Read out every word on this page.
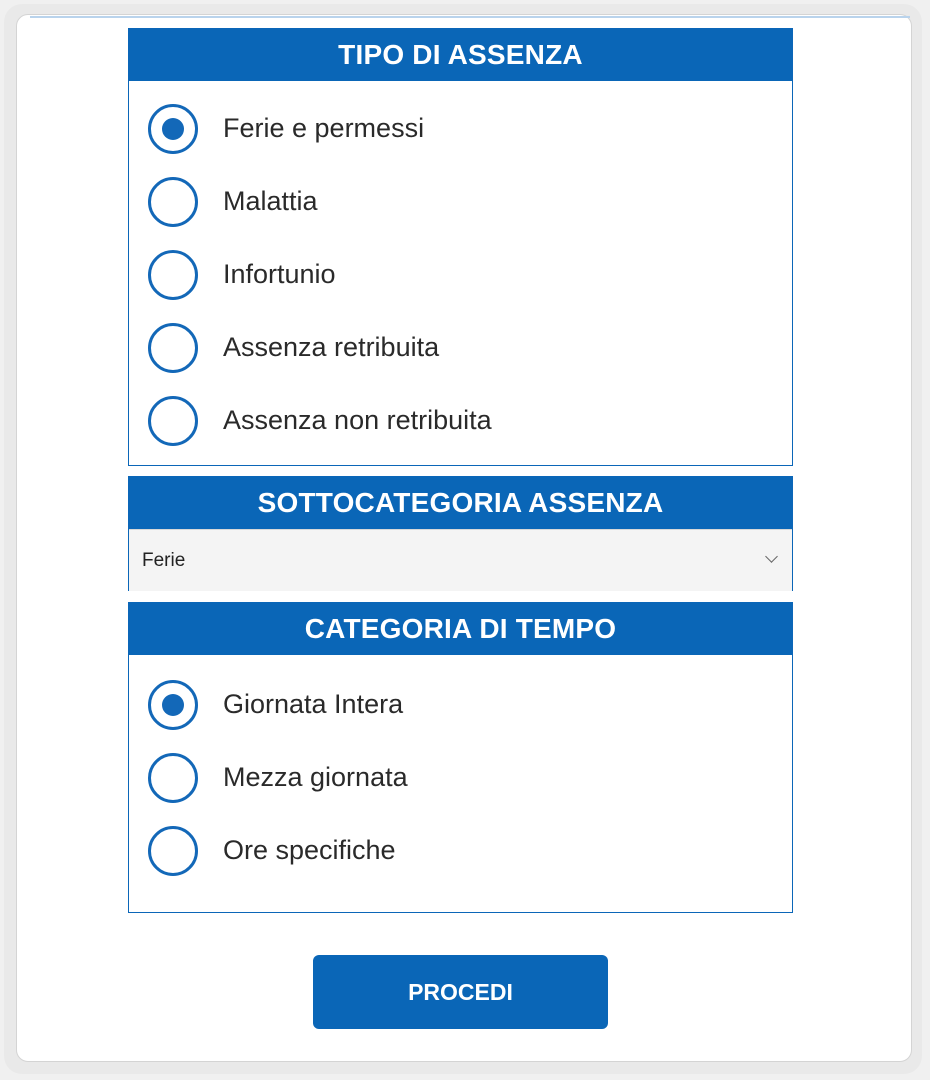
TIPO DI ASSENZA
Ferie e permessi
Malattia
Infortunio
Assenza retribuita
Assenza non retribuita
SOTTOCATEGORIA ASSENZA
Ferie
CATEGORIA DI TEMPO
Giornata Intera
Mezza giornata
Ore specifiche
PROCEDI
